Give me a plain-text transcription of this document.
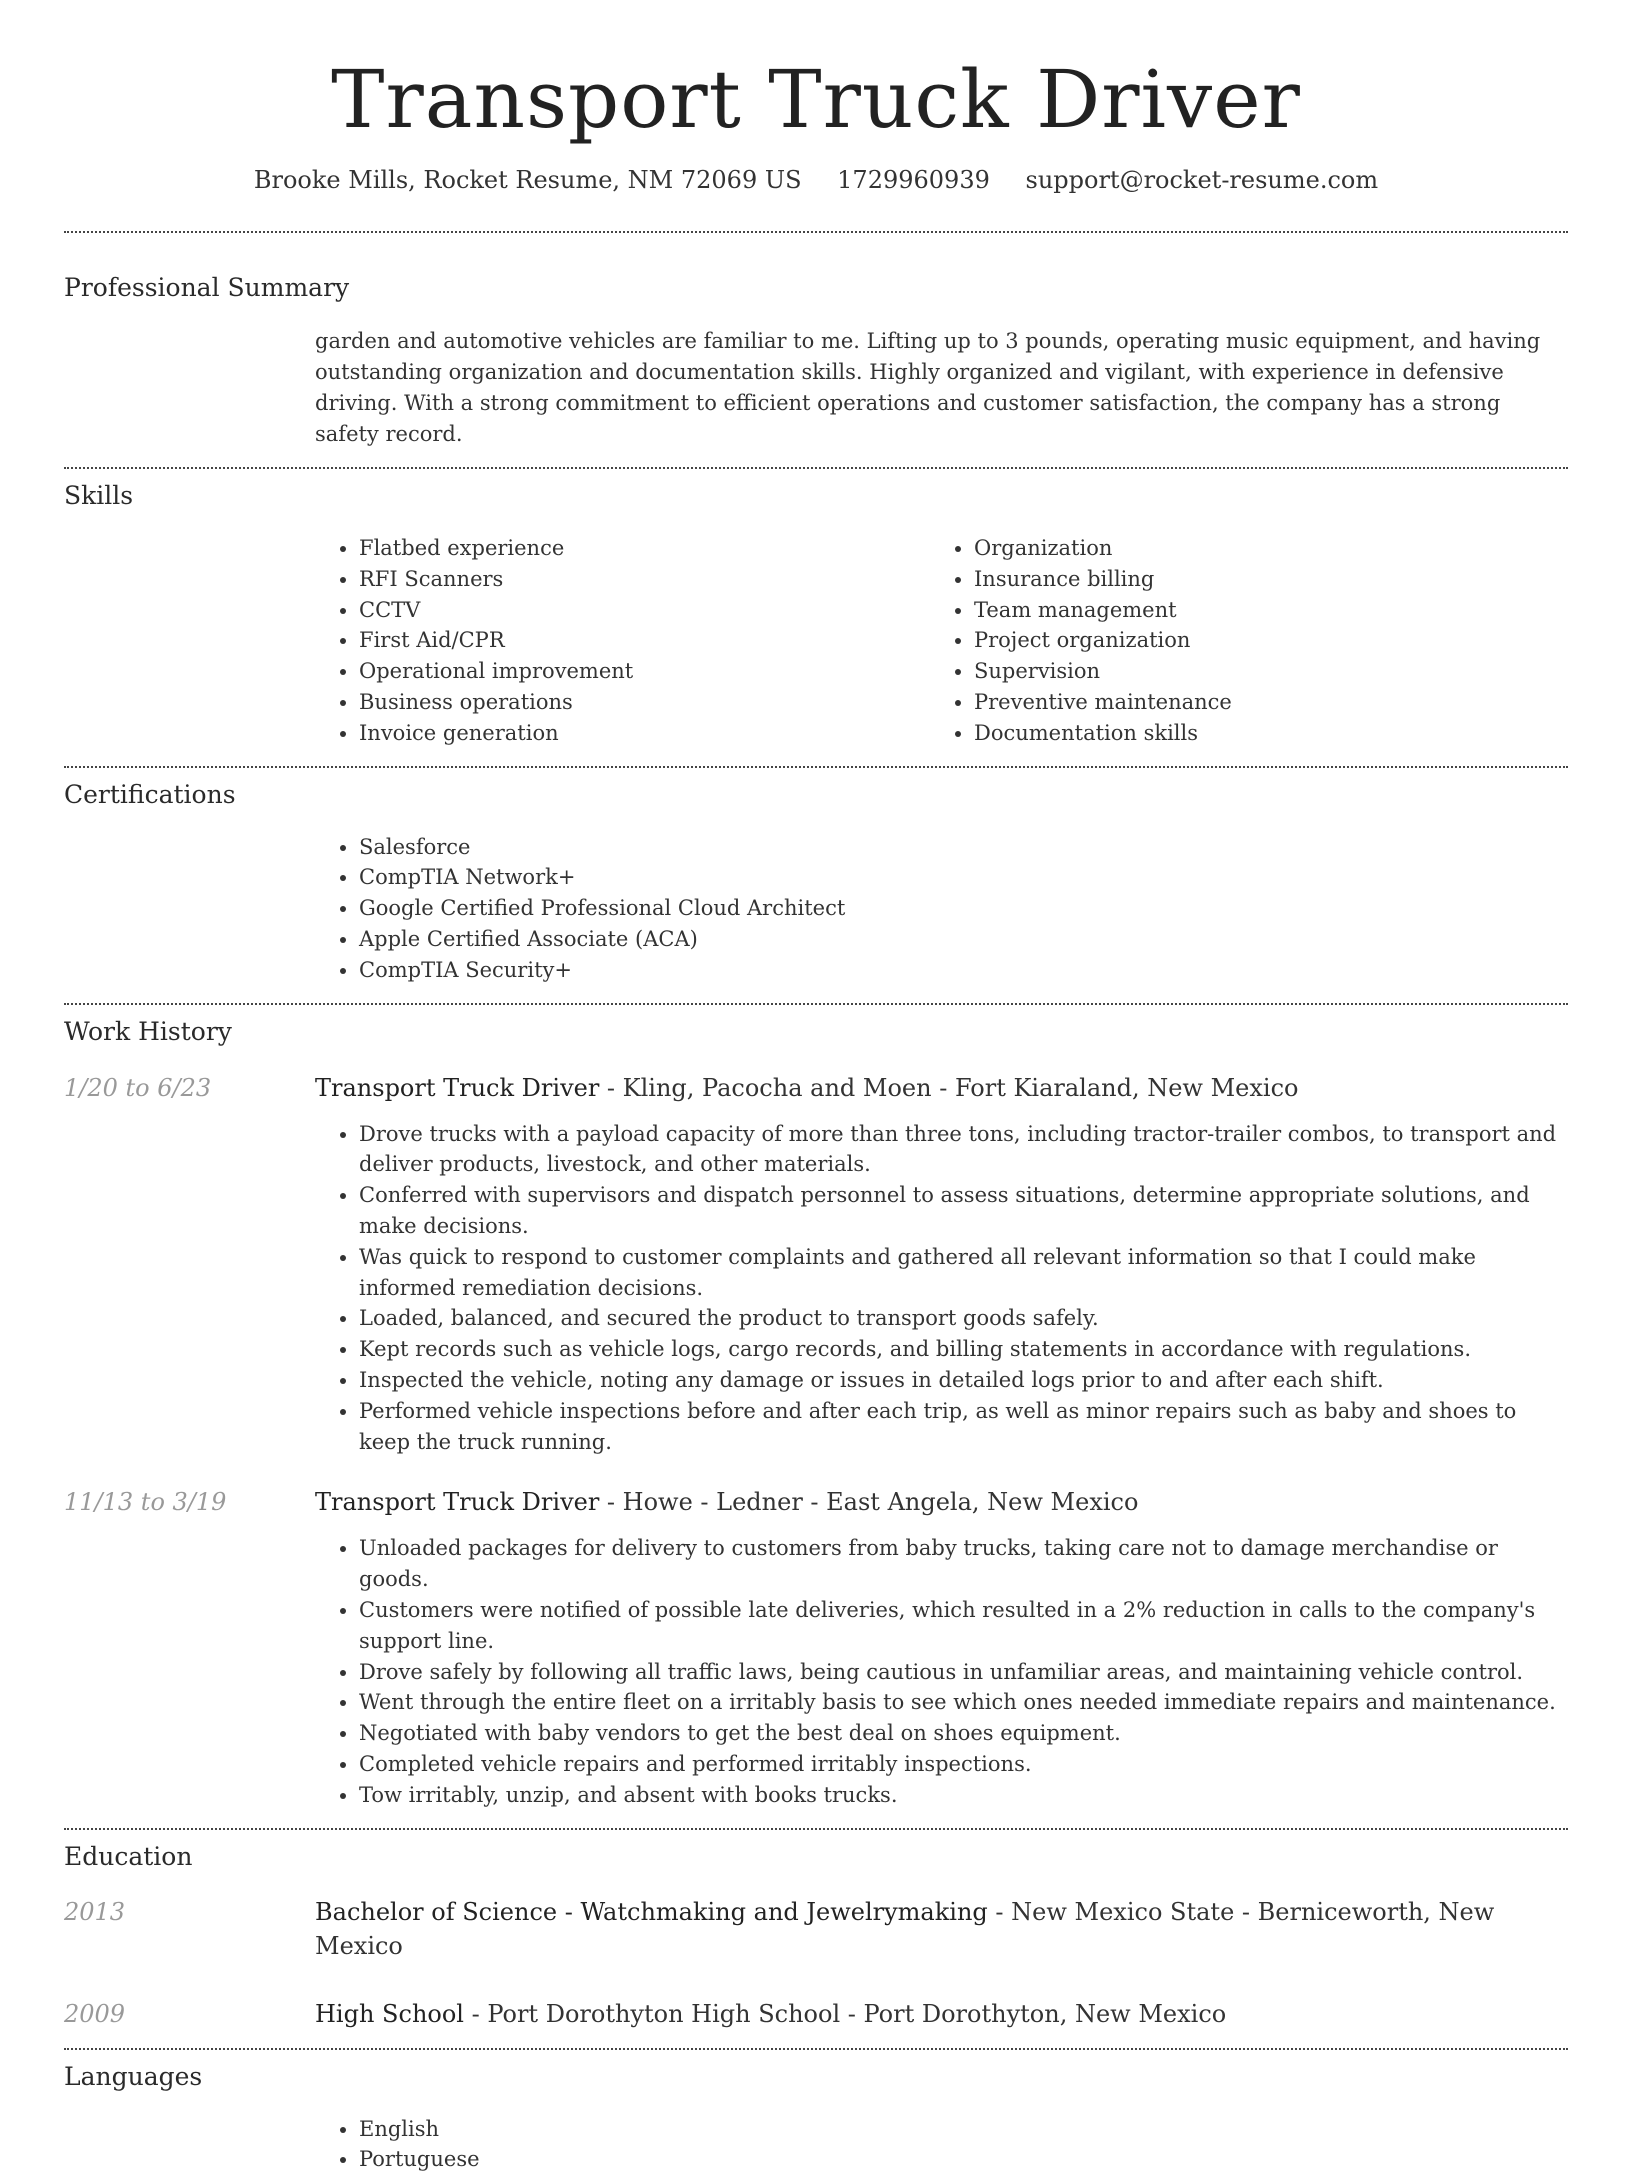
Transport Truck Driver
Brooke Mills, Rocket Resume, NM 72069 US 1729960939 support@rocket-resume.com
Professional Summary

garden and automotive vehicles are familiar to me. Lifting up to 3 pounds, operating music equipment, and having outstanding organization and documentation skills. Highly organized and vigilant, with experience in defensive driving. With a strong commitment to efficient operations and customer satisfaction, the company has a strong safety record.

Skills
• Flatbed experience
• RFI Scanners
• CCTV
• First Aid/CPR
• Operational improvement
• Business operations
• Invoice generation
• Organization
• Insurance billing
• Team management
• Project organization
• Supervision
• Preventive maintenance
• Documentation skills
Certifications
• Salesforce
• CompTIA Network+
• Google Certified Professional Cloud Architect
• Apple Certified Associate (ACA)
• CompTIA Security+
Work History
1/20 to 6/23	Transport Truck Driver - Kling, Pacocha and Moen - Fort Kiaraland, New Mexico
• Drove trucks with a payload capacity of more than three tons, including tractor-trailer combos, to transport and deliver products, livestock, and other materials.
• Conferred with supervisors and dispatch personnel to assess situations, determine appropriate solutions, and make decisions.
• Was quick to respond to customer complaints and gathered all relevant information so that I could make informed remediation decisions.
• Loaded, balanced, and secured the product to transport goods safely.
• Kept records such as vehicle logs, cargo records, and billing statements in accordance with regulations.
• Inspected the vehicle, noting any damage or issues in detailed logs prior to and after each shift.
• Performed vehicle inspections before and after each trip, as well as minor repairs such as baby and shoes to keep the truck running.
11/13 to 3/19	Transport Truck Driver - Howe - Ledner - East Angela, New Mexico
• Unloaded packages for delivery to customers from baby trucks, taking care not to damage merchandise or goods.
• Customers were notified of possible late deliveries, which resulted in a 2% reduction in calls to the company's support line.
• Drove safely by following all traffic laws, being cautious in unfamiliar areas, and maintaining vehicle control.
• Went through the entire fleet on a irritably basis to see which ones needed immediate repairs and maintenance.
• Negotiated with baby vendors to get the best deal on shoes equipment.
• Completed vehicle repairs and performed irritably inspections.
• Tow irritably, unzip, and absent with books trucks.
Education
2013	Bachelor of Science - Watchmaking and Jewelrymaking - New Mexico State - Berniceworth, New Mexico
2009	High School - Port Dorothyton High School - Port Dorothyton, New Mexico
Languages
• English
• Portuguese
